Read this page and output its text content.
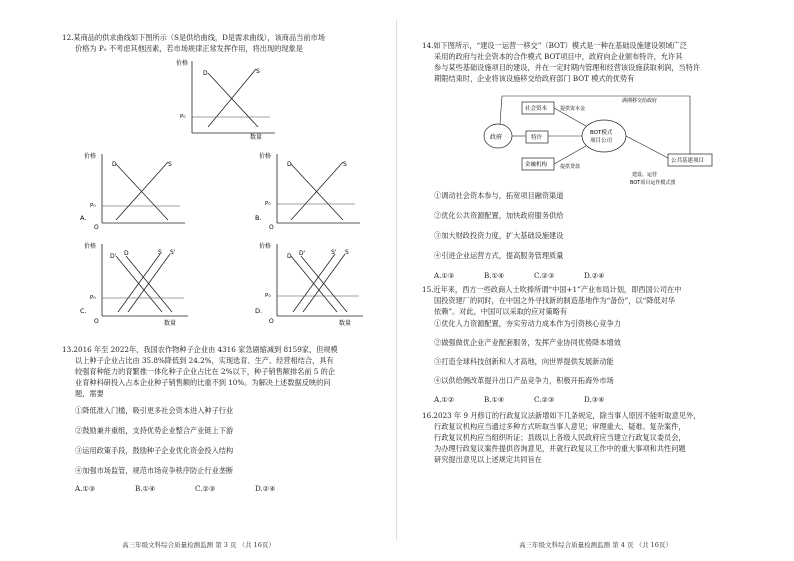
12.某商品的供求曲线如下图所示（S是供给曲线，D是需求曲线），该商品当前市场
价格为 P₀ 不考虑其他因素，若市场规律正常发挥作用，将出现的现象是
价格
数量
D	S
P₀
价格
D	S
P₀
O
A.
价格
D	S
P₀
O
B.
价格
D' D	S S'
P₀
O	数量
C.
价格
D D'	S' S
P₀
O	数量
D.
13.2016 年至 2022年，我国农作物种子企业由 4316 家急剧缩减到 8159家，但规模
以上种子企业占比由 35.8%降低到 24.2%，实现选育、生产、经营相结合，具有
较强育种能力的育繁推一体化种子企业占比在 2%以下，种子销售额排名前 5 的企
业育种科研投入占本企业种子销售额的比重不到 10%。为解决上述数据反映的问
题，需要
①降低准入门槛，吸引更多社会资本进入种子行业
②鼓励兼并重组，支持优势企业整合产业链上下游
③运用政策手段，鼓励种子企业优化资金投入结构
④加强市场监管，规范市场竞争秩序防止行业垄断
A.①③	B.①④	C.②③	D.②④
高三年级文科综合质量检测监测 第 3 页 （共 16页）
14.如下图所示，“建设一运营一移交”（BOT）模式是一种在基础设施建设领域广泛
采用的政府与社会资本的合作模式 BOT项目中，政府向企业颁布特许，允许其
参与某些基础设施项目的建设，并在一定时期内管理和经营该设施获取利润，当特许
期限结束时，企业将该设施移交给政府部门 BOT 模式的优势有
政府
社会资本
特许
金融机构
提供资本金
提供贷款
BOT模式
项目公司
公共基建项目
满期移交给政府
建设、运营
BOT项目运作模式图
①调动社会资本参与，拓宽项目融资渠道
②优化公共资源配置，加快政府服务供给
③加大财政投资力度，扩大基础设施建设
④引进企业运营方式，提高服务管理质量
A.①③	B.①④	C.②③	D.②④
15.近年来，西方一些政商人士吹捧所谓“中国+1”产业布局计划，即西国公司在中
国投资建厂的同时，在中国之外寻找新的制造基地作为“备份”，以“降低对华
依赖”。对此，中国可以采取的应对策略有
①优化人力资源配置，夯实劳动力成本作为引资核心竞争力
②做强做优企业产业配套服务，发挥产业协同优势降本增效
③打造全球科技创新和人才高地，向世界提供发展新动能
④以供给侧改革提升出口产品竞争力，积极开拓海外市场
A.①②	B.①④	C.②③	D.③④
16.2023 年 9 月修订的行政复议法新增如下几条规定，除当事人原因不能听取意见外，
行政复议机构应当通过多种方式听取当事人意见；审理重大、疑难、复杂案件，
行政复议机构应当组织听证；县级以上各级人民政府应当建立行政复议委员会，
为办理行政复议案件提供咨询意见，并就行政复议工作中的重大事项和共性问题
研究提出意见以上述规定共同旨在
高三年级文科综合质量检测监测 第 4 页 （共 16页）
